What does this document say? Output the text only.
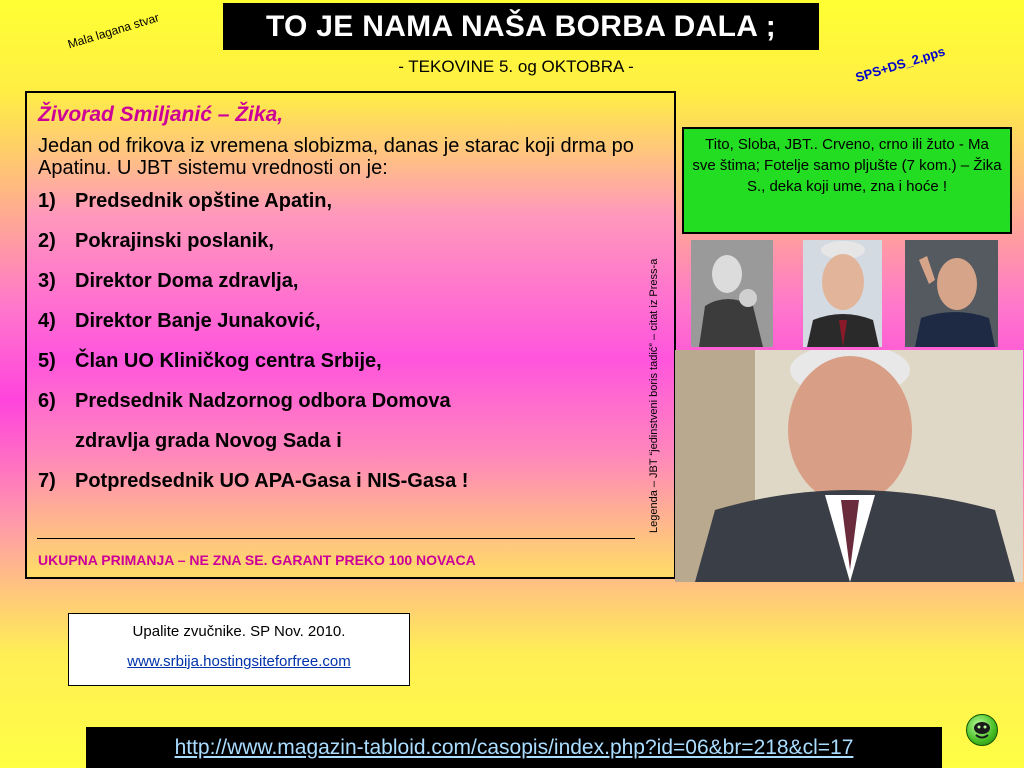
TO JE NAMA NAŠA BORBA DALA ;
- TEKOVINE 5. og OKTOBRA -
Mala lagana stvar
SPS+DS_2.pps
Živorad Smiljanić – Žika,
Jedan od frikova iz vremena slobizma, danas je starac koji drma po Apatinu. U JBT sistemu vrednosti on je:
1) Predsednik opštine Apatin,
2) Pokrajinski poslanik,
3) Direktor Doma zdravlja,
4) Direktor Banje Junaković,
5) Član UO Kliničkog centra Srbije,
6) Predsednik Nadzornog odbora Domova
zdravlja grada Novog Sada i
7) Potpredsednik UO APA-Gasa i NIS-Gasa !
UKUPNA PRIMANJA – NE ZNA SE. GARANT PREKO 100 NOVACA
Legenda – JBT “jedinstveni boris tadić” – citat iz Press-a
Tito, Sloba, JBT.. Crveno, crno ili žuto - Ma sve štima; Fotelje samo pljušte (7 kom.) – Žika S., deka koji ume, zna i hoće !
Upalite zvučnike. SP Nov. 2010.
www.srbija.hostingsiteforfree.com
http://www.magazin-tabloid.com/casopis/index.php?id=06&br=218&cl=17
